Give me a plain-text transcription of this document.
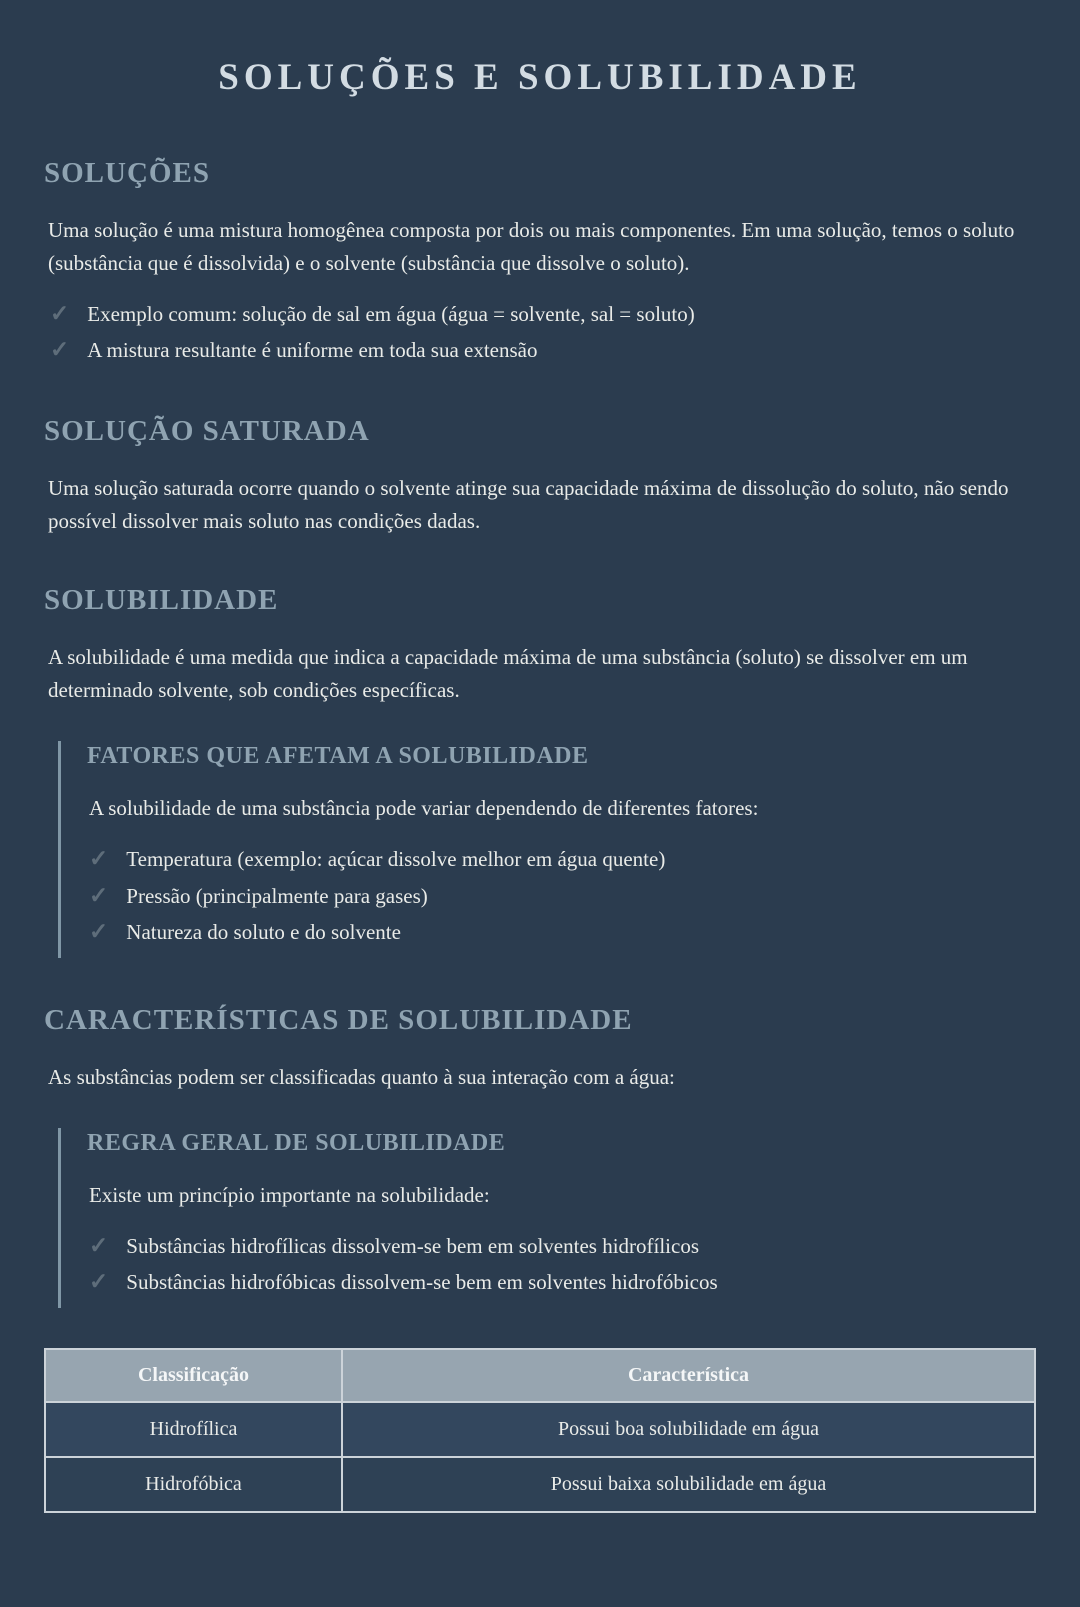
SOLUÇÕES E SOLUBILIDADE
SOLUÇÕES

Uma solução é uma mistura homogênea composta por dois ou mais componentes. Em uma solução, temos o soluto (substância que é dissolvida) e o solvente (substância que dissolve o soluto).

✓ Exemplo comum: solução de sal em água (água = solvente, sal = soluto)
✓ A mistura resultante é uniforme em toda sua extensão
SOLUÇÃO SATURADA

Uma solução saturada ocorre quando o solvente atinge sua capacidade máxima de dissolução do soluto, não sendo possível dissolver mais soluto nas condições dadas.

SOLUBILIDADE

A solubilidade é uma medida que indica a capacidade máxima de uma substância (soluto) se dissolver em um determinado solvente, sob condições específicas.

FATORES QUE AFETAM A SOLUBILIDADE

A solubilidade de uma substância pode variar dependendo de diferentes fatores:

✓ Temperatura (exemplo: açúcar dissolve melhor em água quente)
✓ Pressão (principalmente para gases)
✓ Natureza do soluto e do solvente
CARACTERÍSTICAS DE SOLUBILIDADE

As substâncias podem ser classificadas quanto à sua interação com a água:

REGRA GERAL DE SOLUBILIDADE

Existe um princípio importante na solubilidade:

✓ Substâncias hidrofílicas dissolvem-se bem em solventes hidrofílicos
✓ Substâncias hidrofóbicas dissolvem-se bem em solventes hidrofóbicos
Classificação	Característica
Hidrofílica	Possui boa solubilidade em água
Hidrofóbica	Possui baixa solubilidade em água
